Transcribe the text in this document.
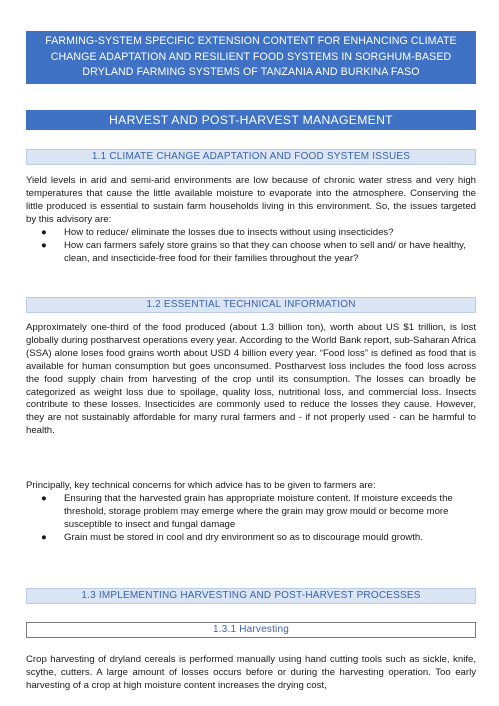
FARMING-SYSTEM SPECIFIC EXTENSION CONTENT FOR ENHANCING CLIMATE
CHANGE ADAPTATION AND RESILIENT FOOD SYSTEMS IN SORGHUM-BASED
DRYLAND FARMING SYSTEMS OF TANZANIA AND BURKINA FASO
HARVEST AND POST-HARVEST MANAGEMENT
1.1 CLIMATE CHANGE ADAPTATION AND FOOD SYSTEM ISSUES

Yield levels in arid and semi-arid environments are low because of chronic water stress and very high temperatures that cause the little available moisture to evaporate into the atmosphere. Conserving the little produced is essential to sustain farm households living in this environment. So, the issues targeted by this advisory are:

● How to reduce/ eliminate the losses due to insects without using insecticides?
● How can farmers safely store grains so that they can choose when to sell and/ or have healthy, clean, and insecticide-free food for their families throughout the year?
1.2 ESSENTIAL TECHNICAL INFORMATION

Approximately one-third of the food produced (about 1.3 billion ton), worth about US $1 trillion, is lost globally during postharvest operations every year. According to the World Bank report, sub-Saharan Africa (SSA) alone loses food grains worth about USD 4 billion every year. “Food loss” is defined as food that is available for human consumption but goes unconsumed. Postharvest loss includes the food loss across the food supply chain from harvesting of the crop until its consumption. The losses can broadly be categorized as weight loss due to spoilage, quality loss, nutritional loss, and commercial loss. Insects contribute to these losses. Insecticides are commonly used to reduce the losses they cause. However, they are not sustainably affordable for many rural farmers and - if not properly used - can be harmful to health.

Principally, key technical concerns for which advice has to be given to farmers are:

● Ensuring that the harvested grain has appropriate moisture content. If moisture exceeds the threshold, storage problem may emerge where the grain may grow mould or become more susceptible to insect and fungal damage
● Grain must be stored in cool and dry environment so as to discourage mould growth.
1.3 IMPLEMENTING HARVESTING AND POST-HARVEST PROCESSES
1.3.1 Harvesting

Crop harvesting of dryland cereals is performed manually using hand cutting tools such as sickle, knife, scythe, cutters. A large amount of losses occurs before or during the harvesting operation. Too early harvesting of a crop at high moisture content increases the drying cost,
